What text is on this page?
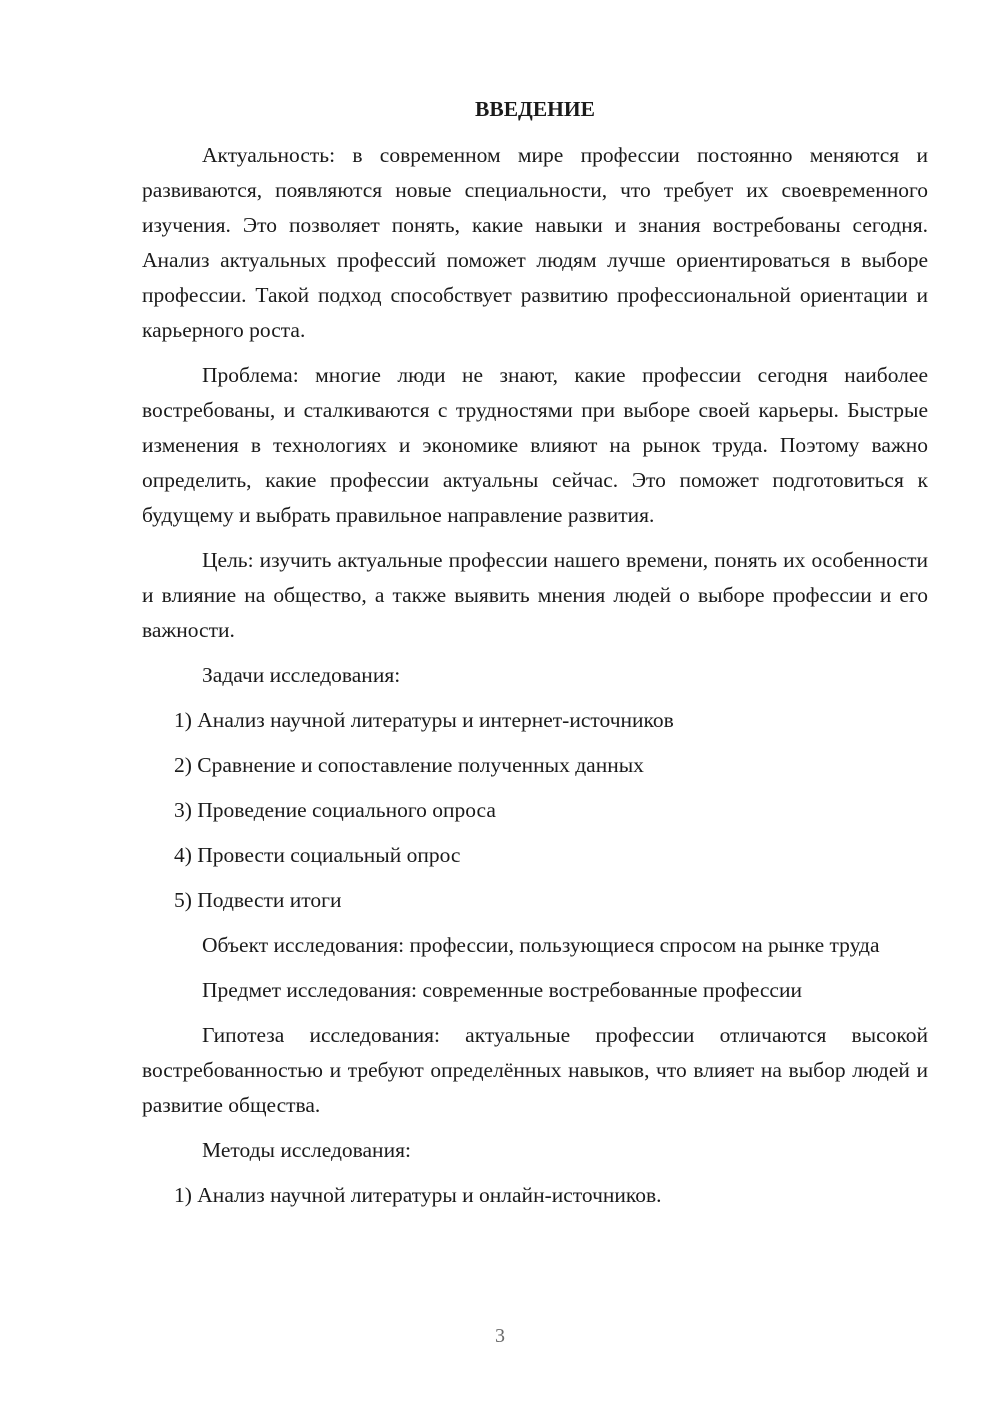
ВВЕДЕНИЕ

Актуальность: в современном мире профессии постоянно меняются и развиваются, появляются новые специальности, что требует их своевременного изучения. Это позволяет понять, какие навыки и знания востребованы сегодня. Анализ актуальных профессий поможет людям лучше ориентироваться в выборе профессии. Такой подход способствует развитию профессиональной ориентации и карьерного роста.

Проблема: многие люди не знают, какие профессии сегодня наиболее востребованы, и сталкиваются с трудностями при выборе своей карьеры. Быстрые изменения в технологиях и экономике влияют на рынок труда. Поэтому важно определить, какие профессии актуальны сейчас. Это поможет подготовиться к будущему и выбрать правильное направление развития.

Цель: изучить актуальные профессии нашего времени, понять их особенности и влияние на общество, а также выявить мнения людей о выборе профессии и его важности.

Задачи исследования:

1) Анализ научной литературы и интернет-источников

2) Сравнение и сопоставление полученных данных

3) Проведение социального опроса

4) Провести социальный опрос

5) Подвести итоги

Объект исследования: профессии, пользующиеся спросом на рынке труда

Предмет исследования: современные востребованные профессии

Гипотеза исследования: актуальные профессии отличаются высокой востребованностью и требуют определённых навыков, что влияет на выбор людей и развитие общества.

Методы исследования:

1) Анализ научной литературы и онлайн-источников.

3
